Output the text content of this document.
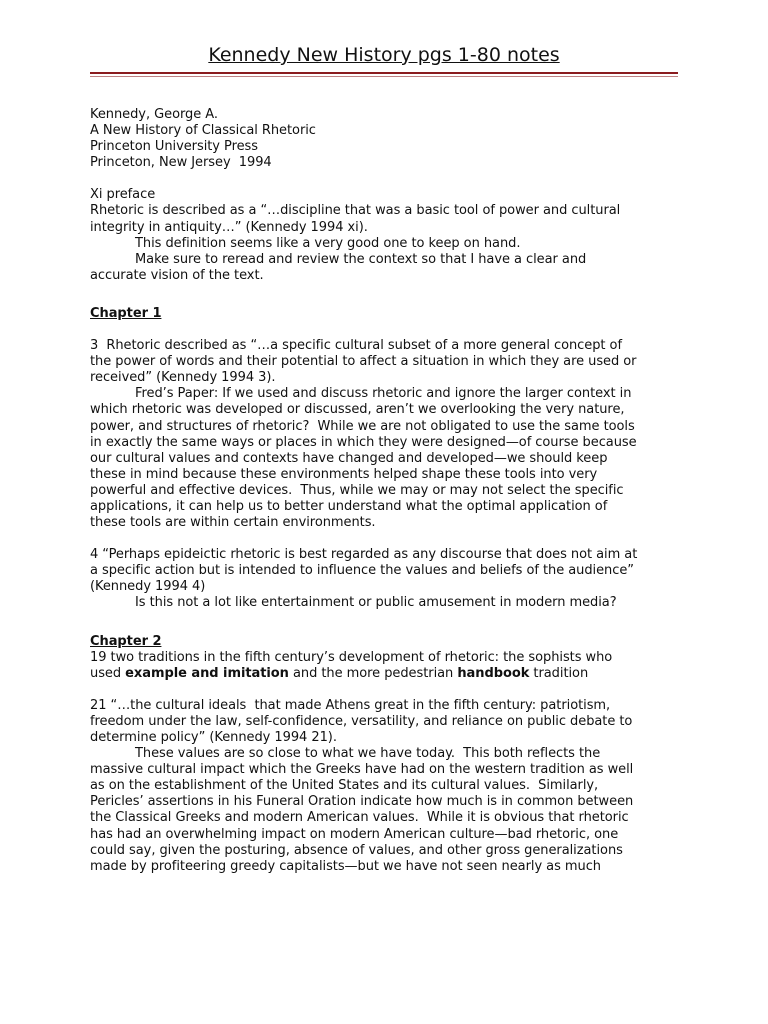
Kennedy New History pgs 1-80 notes
Kennedy, George A.
A New History of Classical Rhetoric
Princeton University Press
Princeton, New Jersey  1994
Xi preface
Rhetoric is described as a “…discipline that was a basic tool of power and cultural
integrity in antiquity…” (Kennedy 1994 xi).
This definition seems like a very good one to keep on hand.
Make sure to reread and review the context so that I have a clear and
accurate vision of the text.
Chapter 1
3  Rhetoric described as “…a specific cultural subset of a more general concept of
the power of words and their potential to affect a situation in which they are used or
received” (Kennedy 1994 3).
Fred’s Paper: If we used and discuss rhetoric and ignore the larger context in
which rhetoric was developed or discussed, aren’t we overlooking the very nature,
power, and structures of rhetoric?  While we are not obligated to use the same tools
in exactly the same ways or places in which they were designed—of course because
our cultural values and contexts have changed and developed—we should keep
these in mind because these environments helped shape these tools into very
powerful and effective devices.  Thus, while we may or may not select the specific
applications, it can help us to better understand what the optimal application of
these tools are within certain environments.
4 “Perhaps epideictic rhetoric is best regarded as any discourse that does not aim at
a specific action but is intended to influence the values and beliefs of the audience”
(Kennedy 1994 4)
Is this not a lot like entertainment or public amusement in modern media?
Chapter 2
19 two traditions in the fifth century’s development of rhetoric: the sophists who
used example and imitation and the more pedestrian handbook tradition
21 “…the cultural ideals  that made Athens great in the fifth century: patriotism,
freedom under the law, self-confidence, versatility, and reliance on public debate to
determine policy” (Kennedy 1994 21).
These values are so close to what we have today.  This both reflects the
massive cultural impact which the Greeks have had on the western tradition as well
as on the establishment of the United States and its cultural values.  Similarly,
Pericles’ assertions in his Funeral Oration indicate how much is in common between
the Classical Greeks and modern American values.  While it is obvious that rhetoric
has had an overwhelming impact on modern American culture—bad rhetoric, one
could say, given the posturing, absence of values, and other gross generalizations
made by profiteering greedy capitalists—but we have not seen nearly as much
